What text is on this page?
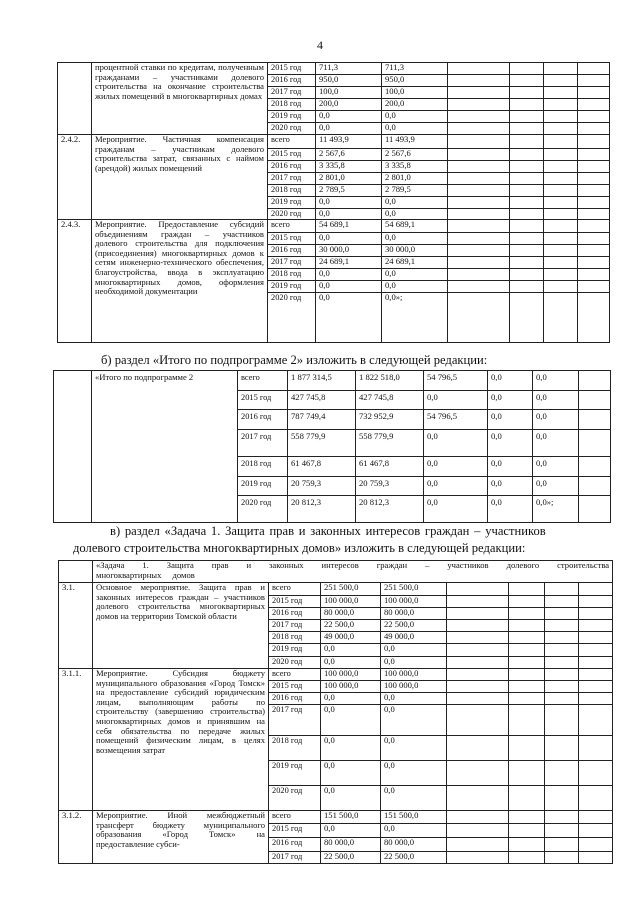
4
	процентной ставки по кредитам, полученным гражданами – участниками долевого строительства на окончание строительства жилых помещений в многоквартирных домах	2015 год	711,3	711,3				
		2016 год	950,0	950,0				
		2017 год	100,0	100,0				
		2018 год	200,0	200,0				
		2019 год	0,0	0,0				
		2020 год	0,0	0,0				
2.4.2.	Мероприятие. Частичная компенсация гражданам – участникам долевого строительства затрат, связанных с наймом (арендой) жилых помещений	всего	11 493,9	11 493,9				
		2015 год	2 567,6	2 567,6				
		2016 год	3 335,8	3 335,8				
		2017 год	2 801,0	2 801,0				
		2018 год	2 789,5	2 789,5				
		2019 год	0,0	0,0				
		2020 год	0,0	0,0				
2.4.3.	Мероприятие. Предоставление субсидий объединениям граждан – участников долевого строительства для подключения (присоединения) многоквартирных домов к сетям инженерно-технического обеспечения, благоустройства, ввода в эксплуатацию многоквартирных домов, оформления необходимой документации	всего	54 689,1	54 689,1				
		2015 год	0,0	0,0				
		2016 год	30 000,0	30 000,0				
		2017 год	24 689,1	24 689,1				
		2018 год	0,0	0,0				
		2019 год	0,0	0,0				
		2020 год	0,0	0,0»;				
б) раздел «Итого по подпрограмме 2» изложить в следующей редакции:
	«Итого по подпрограмме 2	всего	1 877 314,5	1 822 518,0	54 796,5	0,0	0,0	
		2015 год	427 745,8	427 745,8	0,0	0,0	0,0	
		2016 год	787 749,4	732 952,9	54 796,5	0,0	0,0	
		2017 год	558 779,9	558 779,9	0,0	0,0	0,0	
		2018 год	61 467,8	61 467,8	0,0	0,0	0,0	
		2019 год	20 759,3	20 759,3	0,0	0,0	0,0	
		2020 год	20 812,3	20 812,3	0,0	0,0	0,0»;	
в) раздел «Задача 1. Защита прав и законных интересов граждан – участников
долевого строительства многоквартирных домов» изложить в следующей редакции:
	«Задача 1. Защита прав и законных интересов граждан – участников долевого строительства многоквартирных домов							
3.1.	Основное мероприятие. Защита прав и законных интересов граждан – участников долевого строительства многоквартирных домов на территории Томской области	всего	251 500,0	251 500,0				
		2015 год	100 000,0	100 000,0				
		2016 год	80 000,0	80 000,0				
		2017 год	22 500,0	22 500,0				
		2018 год	49 000,0	49 000,0				
		2019 год	0,0	0,0				
		2020 год	0,0	0,0				
3.1.1.	Мероприятие. Субсидия бюджету муниципального образования «Город Томск» на предоставление субсидий юридическим лицам, выполняющим работы по строительству (завершению строительства) многоквартирных домов и принявшим на себя обязательства по передаче жилых помещений физическим лицам, в целях возмещения затрат	всего	100 000,0	100 000,0				
		2015 год	100 000,0	100 000,0				
		2016 год	0,0	0,0				
		2017 год	0,0	0,0				
		2018 год	0,0	0,0				
		2019 год	0,0	0,0				
		2020 год	0,0	0,0				
3.1.2.	Мероприятие. Иной межбюджетный трансферт бюджету муниципального образования «Город Томск» на предоставление субси-	всего	151 500,0	151 500,0				
		2015 год	0,0	0,0				
		2016 год	80 000,0	80 000,0				
		2017 год	22 500,0	22 500,0				
